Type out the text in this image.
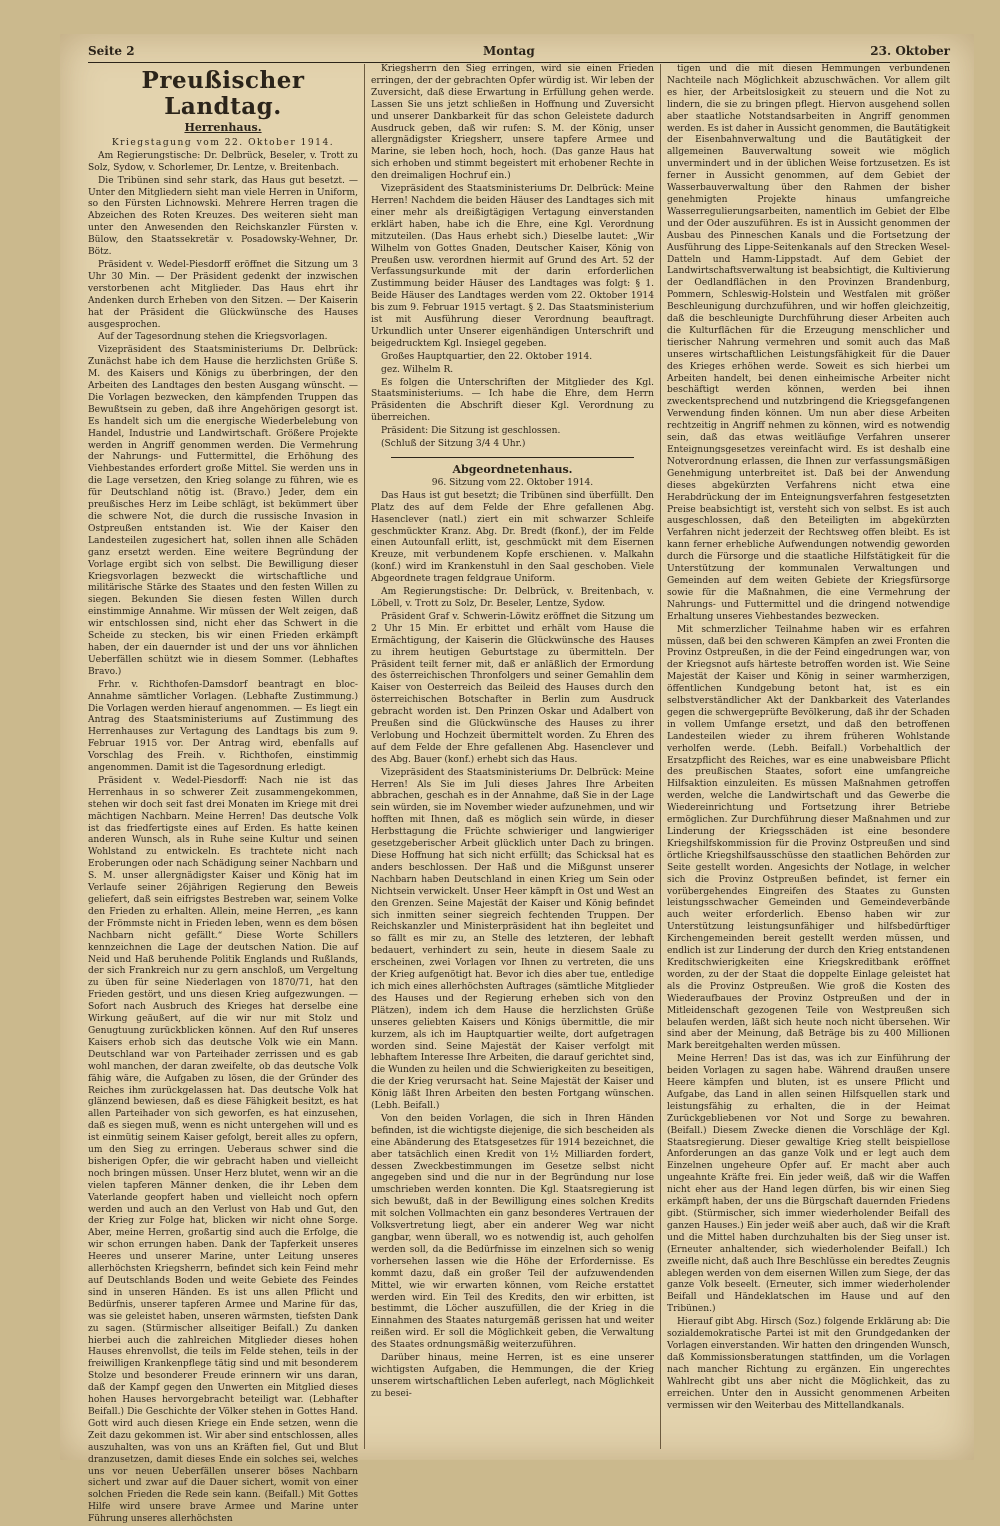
Seite 2	Montag	23. Oktober
Preußischer Landtag.
Herrenhaus.

Kriegstagung vom 22. Oktober 1914.

Am Regierungstische: Dr. Delbrück, Beseler, v. Trott zu Solz, Sydow, v. Schorlemer, Dr. Lentze, v. Breitenbach.

Die Tribünen sind sehr stark, das Haus gut besetzt. — Unter den Mitgliedern sieht man viele Herren in Uniform, so den Fürsten Lichnowski. Mehrere Herren tragen die Abzeichen des Roten Kreuzes. Des weiteren sieht man unter den Anwesenden den Reichskanzler Fürsten v. Bülow, den Staatssekretär v. Posadowsky-Wehner, Dr. Bötz.

Präsident v. Wedel-Piesdorff eröffnet die Sitzung um 3 Uhr 30 Min. — Der Präsident gedenkt der inzwischen verstorbenen acht Mitglieder. Das Haus ehrt ihr Andenken durch Erheben von den Sitzen. — Der Kaiserin hat der Präsident die Glückwünsche des Hauses ausgesprochen.

Auf der Tagesordnung stehen die Kriegsvorlagen.

Vizepräsident des Staatsministeriums Dr. Delbrück: Zunächst habe ich dem Hause die herzlichsten Grüße S. M. des Kaisers und Königs zu überbringen, der den Arbeiten des Landtages den besten Ausgang wünscht. — Die Vorlagen bezwecken, den kämpfenden Truppen das Bewußtsein zu geben, daß ihre Angehörigen gesorgt ist. Es handelt sich um die energische Wiederbelebung von Handel, Industrie und Landwirtschaft. Größere Projekte werden in Angriff genommen werden. Die Vermehrung der Nahrungs- und Futtermittel, die Erhöhung des Viehbestandes erfordert große Mittel. Sie werden uns in die Lage versetzen, den Krieg solange zu führen, wie es für Deutschland nötig ist. (Bravo.) Jeder, dem ein preußisches Herz im Leibe schlägt, ist bekümmert über die schwere Not, die durch die russische Invasion in Ostpreußen entstanden ist. Wie der Kaiser den Landesteilen zugesichert hat, sollen ihnen alle Schäden ganz ersetzt werden. Eine weitere Begründung der Vorlage ergibt sich von selbst. Die Bewilligung dieser Kriegsvorlagen bezweckt die wirtschaftliche und militärische Stärke des Staates und den festen Willen zu siegen. Bekunden Sie diesen festen Willen durch einstimmige Annahme. Wir müssen der Welt zeigen, daß wir entschlossen sind, nicht eher das Schwert in die Scheide zu stecken, bis wir einen Frieden erkämpft haben, der ein dauernder ist und der uns vor ähnlichen Ueberfällen schützt wie in diesem Sommer. (Lebhaftes Bravo.)

Frhr. v. Richthofen-Damsdorf beantragt en bloc-Annahme sämtlicher Vorlagen. (Lebhafte Zustimmung.) Die Vorlagen werden hierauf angenommen. — Es liegt ein Antrag des Staatsministeriums auf Zustimmung des Herrenhauses zur Vertagung des Landtags bis zum 9. Februar 1915 vor. Der Antrag wird, ebenfalls auf Vorschlag des Freih. v. Richthofen, einstimmig angenommen. Damit ist die Tagesordnung erledigt.

Präsident v. Wedel-Piesdorff: Nach nie ist das Herrenhaus in so schwerer Zeit zusammengekommen, stehen wir doch seit fast drei Monaten im Kriege mit drei mächtigen Nachbarn. Meine Herren! Das deutsche Volk ist das friedfertigste eines auf Erden. Es hatte keinen anderen Wunsch, als in Ruhe seine Kultur und seinen Wohlstand zu entwickeln. Es trachtete nicht nach Eroberungen oder nach Schädigung seiner Nachbarn und S. M. unser allergnädigster Kaiser und König hat im Verlaufe seiner 26jährigen Regierung den Beweis geliefert, daß sein eifrigstes Bestreben war, seinem Volke den Frieden zu erhalten. Allein, meine Herren, „es kann der Frömmste nicht in Frieden leben, wenn es dem bösen Nachbarn nicht gefällt.“ Diese Worte Schillers kennzeichnen die Lage der deutschen Nation. Die auf Neid und Haß beruhende Politik Englands und Rußlands, der sich Frankreich nur zu gern anschloß, um Vergeltung zu üben für seine Niederlagen von 1870/71, hat den Frieden gestört, und uns diesen Krieg aufgezwungen. — Sofort nach Ausbruch des Krieges hat derselbe eine Wirkung geäußert, auf die wir nur mit Stolz und Genugtuung zurückblicken können. Auf den Ruf unseres Kaisers erhob sich das deutsche Volk wie ein Mann. Deutschland war von Parteihader zerrissen und es gab wohl manchen, der daran zweifelte, ob das deutsche Volk fähig wäre, die Aufgaben zu lösen, die der Gründer des Reiches ihm zurückgelassen hat. Das deutsche Volk hat glänzend bewiesen, daß es diese Fähigkeit besitzt, es hat allen Parteihader von sich geworfen, es hat einzusehen, daß es siegen muß, wenn es nicht untergehen will und es ist einmütig seinem Kaiser gefolgt, bereit alles zu opfern, um den Sieg zu erringen. Ueberaus schwer sind die bisherigen Opfer, die wir gebracht haben und vielleicht noch bringen müssen. Unser Herz blutet, wenn wir an die vielen tapferen Männer denken, die ihr Leben dem Vaterlande geopfert haben und vielleicht noch opfern werden und auch an den Verlust von Hab und Gut, den der Krieg zur Folge hat, blicken wir nicht ohne Sorge. Aber, meine Herren, großartig sind auch die Erfolge, die wir schon errungen haben. Dank der Tapferkeit unseres Heeres und unserer Marine, unter Leitung unseres allerhöchsten Kriegsherrn, befindet sich kein Feind mehr auf Deutschlands Boden und weite Gebiete des Feindes sind in unseren Händen. Es ist uns allen Pflicht und Bedürfnis, unserer tapferen Armee und Marine für das, was sie geleistet haben, unseren wärmsten, tiefsten Dank zu sagen. (Stürmischer allseitiger Beifall.) Zu danken hierbei auch die zahlreichen Mitglieder dieses hohen Hauses ehrenvollst, die teils im Felde stehen, teils in der freiwilligen Krankenpflege tätig sind und mit besonderem Stolze und besonderer Freude erinnern wir uns daran, daß der Kampf gegen den Unwerten ein Mitglied dieses hohen Hauses hervorgebracht beteiligt war. (Lebhafter Beifall.) Die Geschichte der Völker stehen in Gottes Hand. Gott wird auch diesen Kriege ein Ende setzen, wenn die Zeit dazu gekommen ist. Wir aber sind entschlossen, alles auszuhalten, was von uns an Kräften fiel, Gut und Blut dranzusetzen, damit dieses Ende ein solches sei, welches uns vor neuen Ueberfällen unserer böses Nachbarn sichert und zwar auf die Dauer sichert, womit von einer solchen Frieden die Rede sein kann. (Beifall.) Mit Gottes Hilfe wird unsere brave Armee und Marine unter Führung unseres allerhöchsten

Kriegsherrn den Sieg erringen, wird sie einen Frieden erringen, der der gebrachten Opfer würdig ist. Wir leben der Zuversicht, daß diese Erwartung in Erfüllung gehen werde. Lassen Sie uns jetzt schließen in Hoffnung und Zuversicht und unserer Dankbarkeit für das schon Geleistete dadurch Ausdruck geben, daß wir rufen: S. M. der König, unser allergnädigster Kriegsherr, unsere tapfere Armee und Marine, sie leben hoch, hoch, hoch. (Das ganze Haus hat sich erhoben und stimmt begeistert mit erhobener Rechte in den dreimaligen Hochruf ein.)

Vizepräsident des Staatsministeriums Dr. Delbrück: Meine Herren! Nachdem die beiden Häuser des Landtages sich mit einer mehr als dreißigtägigen Vertagung einverstanden erklärt haben, habe ich die Ehre, eine Kgl. Verordnung mitzuteilen. (Das Haus erhebt sich.) Dieselbe lautet: „Wir Wilhelm von Gottes Gnaden, Deutscher Kaiser, König von Preußen usw. verordnen hiermit auf Grund des Art. 52 der Verfassungsurkunde mit der darin erforderlichen Zustimmung beider Häuser des Landtages was folgt: § 1. Beide Häuser des Landtages werden vom 22. Oktober 1914 bis zum 9. Februar 1915 vertagt. § 2. Das Staatsministerium ist mit Ausführung dieser Verordnung beauftragt. Urkundlich unter Unserer eigenhändigen Unterschrift und beigedrucktem Kgl. Insiegel gegeben.

Großes Hauptquartier, den 22. Oktober 1914.

gez. Wilhelm R.

Es folgen die Unterschriften der Mitglieder des Kgl. Staatsministeriums. — Ich habe die Ehre, dem Herrn Präsidenten die Abschrift dieser Kgl. Verordnung zu überreichen.

Präsident: Die Sitzung ist geschlossen.

(Schluß der Sitzung 3/4 4 Uhr.)

Abgeordnetenhaus.

96. Sitzung vom 22. Oktober 1914.

Das Haus ist gut besetzt; die Tribünen sind überfüllt. Den Platz des auf dem Felde der Ehre gefallenen Abg. Hasenclever (natl.) ziert ein mit schwarzer Schleife geschmückter Kranz. Abg. Dr. Bredt (fkonf.), der im Felde einen Autounfall erlitt, ist, geschmückt mit dem Eisernen Kreuze, mit verbundenem Kopfe erschienen. v. Malkahn (konf.) wird im Krankenstuhl in den Saal geschoben. Viele Abgeordnete tragen feldgraue Uniform.

Am Regierungstische: Dr. Delbrück, v. Breitenbach, v. Löbell, v. Trott zu Solz, Dr. Beseler, Lentze, Sydow.

Präsident Graf v. Schwerin-Löwitz eröffnet die Sitzung um 2 Uhr 15 Min. Er erbittet und erhält vom Hause die Ermächtigung, der Kaiserin die Glückwünsche des Hauses zu ihrem heutigen Geburtstage zu übermitteln. Der Präsident teilt ferner mit, daß er anläßlich der Ermordung des österreichischen Thronfolgers und seiner Gemahlin dem Kaiser von Oesterreich das Beileid des Hauses durch den österreichischen Botschafter in Berlin zum Ausdruck gebracht worden ist. Den Prinzen Oskar und Adalbert von Preußen sind die Glückwünsche des Hauses zu ihrer Verlobung und Hochzeit übermittelt worden. Zu Ehren des auf dem Felde der Ehre gefallenen Abg. Hasenclever und des Abg. Bauer (konf.) erhebt sich das Haus.

Vizepräsident des Staatsministeriums Dr. Delbrück: Meine Herren! Als Sie im Juli dieses Jahres Ihre Arbeiten abbrachen, geschah es in der Annahme, daß Sie in der Lage sein würden, sie im November wieder aufzunehmen, und wir hofften mit Ihnen, daß es möglich sein würde, in dieser Herbsttagung die Früchte schwieriger und langwieriger gesetzgeberischer Arbeit glücklich unter Dach zu bringen. Diese Hoffnung hat sich nicht erfüllt; das Schicksal hat es anders beschlossen. Der Haß und die Mißgunst unserer Nachbarn haben Deutschland in einen Krieg um Sein oder Nichtsein verwickelt. Unser Heer kämpft in Ost und West an den Grenzen. Seine Majestät der Kaiser und König befindet sich inmitten seiner siegreich fechtenden Truppen. Der Reichskanzler und Ministerpräsident hat ihn begleitet und so fällt es mir zu, an Stelle des letzteren, der lebhaft bedauert, verhindert zu sein, heute in diesem Saale zu erscheinen, zwei Vorlagen vor Ihnen zu vertreten, die uns der Krieg aufgenötigt hat. Bevor ich dies aber tue, entledige ich mich eines allerhöchsten Auftrages (sämtliche Mitglieder des Hauses und der Regierung erheben sich von den Plätzen), indem ich dem Hause die herzlichsten Grüße unseres geliebten Kaisers und Königs übermittle, die mir kurzem, als ich im Hauptquartier weilte, dort aufgetragen worden sind. Seine Majestät der Kaiser verfolgt mit lebhaftem Interesse Ihre Arbeiten, die darauf gerichtet sind, die Wunden zu heilen und die Schwierigkeiten zu beseitigen, die der Krieg verursacht hat. Seine Majestät der Kaiser und König läßt Ihren Arbeiten den besten Fortgang wünschen. (Lebh. Beifall.)

Von den beiden Vorlagen, die sich in Ihren Händen befinden, ist die wichtigste diejenige, die sich bescheiden als eine Abänderung des Etatsgesetzes für 1914 bezeichnet, die aber tatsächlich einen Kredit von 1½ Milliarden fordert, dessen Zweckbestimmungen im Gesetze selbst nicht angegeben sind und die nur in der Begründung nur lose umschrieben werden konnten. Die Kgl. Staatsregierung ist sich bewußt, daß in der Bewilligung eines solchen Kredits mit solchen Vollmachten ein ganz besonderes Vertrauen der Volksvertretung liegt, aber ein anderer Weg war nicht gangbar, wenn überall, wo es notwendig ist, auch geholfen werden soll, da die Bedürfnisse im einzelnen sich so wenig vorhersehen lassen wie die Höhe der Erfordernisse. Es kommt dazu, daß ein großer Teil der aufzuwendenden Mittel, wie wir erwarten können, vom Reiche erstattet werden wird. Ein Teil des Kredits, den wir erbitten, ist bestimmt, die Löcher auszufüllen, die der Krieg in die Einnahmen des Staates naturgemäß gerissen hat und weiter reißen wird. Er soll die Möglichkeit geben, die Verwaltung des Staates ordnungsmäßig weiterzuführen.

Darüber hinaus, meine Herren, ist es eine unserer wichtigsten Aufgaben, die Hemmungen, die der Krieg unserem wirtschaftlichen Leben auferlegt, nach Möglichkeit zu besei-

tigen und die mit diesen Hemmungen verbundenen Nachteile nach Möglichkeit abzuschwächen. Vor allem gilt es hier, der Arbeitslosigkeit zu steuern und die Not zu lindern, die sie zu bringen pflegt. Hiervon ausgehend sollen aber staatliche Notstandsarbeiten in Angriff genommen werden. Es ist daher in Aussicht genommen, die Bautätigkeit der Eisenbahnverwaltung und die Bautätigkeit der allgemeinen Bauverwaltung soweit wie möglich unvermindert und in der üblichen Weise fortzusetzen. Es ist ferner in Aussicht genommen, auf dem Gebiet der Wasserbauverwaltung über den Rahmen der bisher genehmigten Projekte hinaus umfangreiche Wasserregulierungsarbeiten, namentlich im Gebiet der Elbe und der Oder auszuführen. Es ist in Aussicht genommen der Ausbau des Pinneschen Kanals und die Fortsetzung der Ausführung des Lippe-Seitenkanals auf den Strecken Wesel-Datteln und Hamm-Lippstadt. Auf dem Gebiet der Landwirtschaftsverwaltung ist beabsichtigt, die Kultivierung der Oedlandflächen in den Provinzen Brandenburg, Pommern, Schleswig-Holstein und Westfalen mit größer Beschleunigung durchzuführen, und wir hoffen gleichzeitig, daß die beschleunigte Durchführung dieser Arbeiten auch die Kulturflächen für die Erzeugung menschlicher und tierischer Nahrung vermehren und somit auch das Maß unseres wirtschaftlichen Leistungsfähigkeit für die Dauer des Krieges erhöhen werde. Soweit es sich hierbei um Arbeiten handelt, bei denen einheimische Arbeiter nicht beschäftigt werden können, werden bei ihnen zweckentsprechend und nutzbringend die Kriegsgefangenen Verwendung finden können. Um nun aber diese Arbeiten rechtzeitig in Angriff nehmen zu können, wird es notwendig sein, daß das etwas weitläufige Verfahren unserer Enteignungsgesetzes vereinfacht wird. Es ist deshalb eine Notverordnung erlassen, die Ihnen zur verfassungsmäßigen Genehmigung unterbreitet ist. Daß bei der Anwendung dieses abgekürzten Verfahrens nicht etwa eine Herabdrückung der im Enteignungsverfahren festgesetzten Preise beabsichtigt ist, versteht sich von selbst. Es ist auch ausgeschlossen, daß den Beteiligten im abgekürzten Verfahren nicht jederzeit der Rechtsweg offen bleibt. Es ist kann ferner erhebliche Aufwendungen notwendig geworden durch die Fürsorge und die staatliche Hilfstätigkeit für die Unterstützung der kommunalen Verwaltungen und Gemeinden auf dem weiten Gebiete der Kriegsfürsorge sowie für die Maßnahmen, die eine Vermehrung der Nahrungs- und Futtermittel und die dringend notwendige Erhaltung unseres Viehbestandes bezwecken.

Mit schmerzlicher Teilnahme haben wir es erfahren müssen, daß bei den schweren Kämpfen an zwei Fronten die Provinz Ostpreußen, in die der Feind eingedrungen war, von der Kriegsnot aufs härteste betroffen worden ist. Wie Seine Majestät der Kaiser und König in seiner warmherzigen, öffentlichen Kundgebung betont hat, ist es ein selbstverständlicher Akt der Dankbarkeit des Vaterlandes gegen die schwergeprüfte Bevölkerung, daß ihr der Schaden in vollem Umfange ersetzt, und daß den betroffenen Landesteilen wieder zu ihrem früheren Wohlstande verholfen werde. (Lebh. Beifall.) Vorbehaltlich der Ersatzpflicht des Reiches, war es eine unabweisbare Pflicht des preußischen Staates, sofort eine umfangreiche Hilfsaktion einzuleiten. Es müssen Maßnahmen getroffen werden, welche die Landwirtschaft und das Gewerbe die Wiedereinrichtung und Fortsetzung ihrer Betriebe ermöglichen. Zur Durchführung dieser Maßnahmen und zur Linderung der Kriegsschäden ist eine besondere Kriegshilfskommission für die Provinz Ostpreußen und sind örtliche Kriegshilfsausschüsse den staatlichen Behörden zur Seite gestellt worden. Angesichts der Notlage, in welcher sich die Provinz Ostpreußen befindet, ist ferner ein vorübergehendes Eingreifen des Staates zu Gunsten leistungsschwacher Gemeinden und Gemeindeverbände auch weiter erforderlich. Ebenso haben wir zur Unterstützung leistungsunfähiger und hilfsbedürftiger Kirchengemeinden bereit gestellt werden müssen, und endlich ist zur Linderung der durch den Krieg entstandenen Kreditschwierigkeiten eine Kriegskreditbank eröffnet worden, zu der der Staat die doppelte Einlage geleistet hat als die Provinz Ostpreußen. Wie groß die Kosten des Wiederaufbaues der Provinz Ostpreußen und der in Mitleidenschaft gezogenen Teile von Westpreußen sich belaufen werden, läßt sich heute noch nicht übersehen. Wir sind aber der Meinung, daß Beträge bis zu 400 Millionen Mark bereitgehalten werden müssen.

Meine Herren! Das ist das, was ich zur Einführung der beiden Vorlagen zu sagen habe. Während draußen unsere Heere kämpfen und bluten, ist es unsere Pflicht und Aufgabe, das Land in allen seinen Hilfsquellen stark und leistungsfähig zu erhalten, die in der Heimat Zurückgebliebenen vor Not und Sorge zu bewahren. (Beifall.) Diesem Zwecke dienen die Vorschläge der Kgl. Staatsregierung. Dieser gewaltige Krieg stellt beispiellose Anforderungen an das ganze Volk und er legt auch dem Einzelnen ungeheure Opfer auf. Er macht aber auch ungeahnte Kräfte frei. Ein jeder weiß, daß wir die Waffen nicht eher aus der Hand legen dürfen, bis wir einen Sieg erkämpft haben, der uns die Bürgschaft dauernden Friedens gibt. (Stürmischer, sich immer wiederholender Beifall des ganzen Hauses.) Ein jeder weiß aber auch, daß wir die Kraft und die Mittel haben durchzuhalten bis der Sieg unser ist. (Erneuter anhaltender, sich wiederholender Beifall.) Ich zweifle nicht, daß auch Ihre Beschlüsse ein beredtes Zeugnis ablegen werden von dem eisernen Willen zum Siege, der das ganze Volk beseelt. (Erneuter, sich immer wiederholender Beifall und Händeklatschen im Hause und auf den Tribünen.)

Hierauf gibt Abg. Hirsch (Soz.) folgende Erklärung ab: Die sozialdemokratische Partei ist mit den Grundgedanken der Vorlagen einverstanden. Wir hatten den dringenden Wunsch, daß Kommissionsberatungen stattfinden, um die Vorlagen nach mancher Richtung zu ergänzen. Ein ungerechtes Wahlrecht gibt uns aber nicht die Möglichkeit, das zu erreichen. Unter den in Aussicht genommenen Arbeiten vermissen wir den Weiterbau des Mittellandkanals.
